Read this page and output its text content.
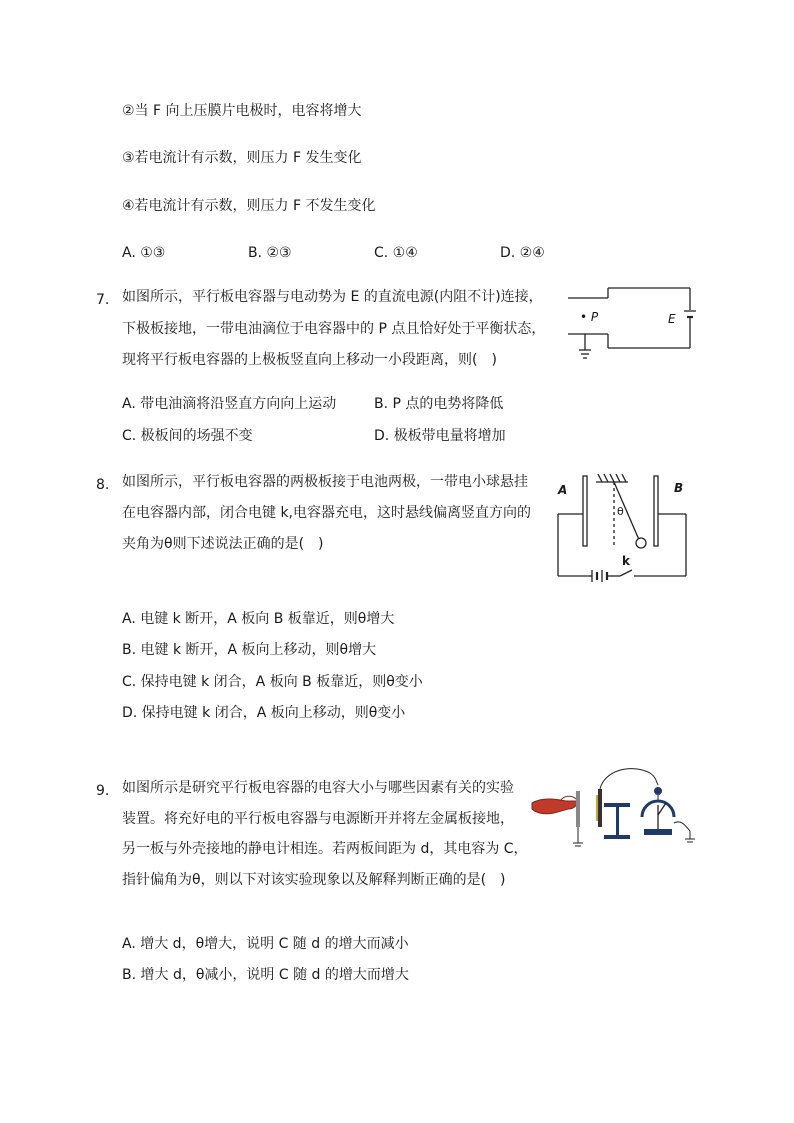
②当 F 向上压膜片电极时，电容将增大
③若电流计有示数，则压力 F 发生变化
④若电流计有示数，则压力 F 不发生变化
A. ①③	B. ②③	C. ①④	D. ②④
7. 如图所示，平行板电容器与电动势为 E 的直流电源(内阻不计)连接，
下极板接地，一带电油滴位于电容器中的 P 点且恰好处于平衡状态，
现将平行板电容器的上极板竖直向上移动一小段距离，则(　)
A. 带电油滴将沿竖直方向向上运动	B. P 点的电势将降低
C. 极板间的场强不变	D. 极板带电量将增加
• P	E
8. 如图所示，平行板电容器的两极板接于电池两极，一带电小球悬挂
在电容器内部，闭合电键 k,电容器充电，这时悬线偏离竖直方向的
夹角为θ则下述说法正确的是(　)
A. 电键 k 断开，A 板向 B 板靠近，则θ增大
B. 电键 k 断开，A 板向上移动，则θ增大
C. 保持电键 k 闭合，A 板向 B 板靠近，则θ变小
D. 保持电键 k 闭合，A 板向上移动，则θ变小
A	B
θ
k
9. 如图所示是研究平行板电容器的电容大小与哪些因素有关的实验
装置。将充好电的平行板电容器与电源断开并将左金属板接地，
另一板与外壳接地的静电计相连。若两板间距为 d，其电容为 C，
指针偏角为θ，则以下对该实验现象以及解释判断正确的是(　)
A. 增大 d，θ增大，说明 C 随 d 的增大而减小
B. 增大 d，θ减小，说明 C 随 d 的增大而增大
